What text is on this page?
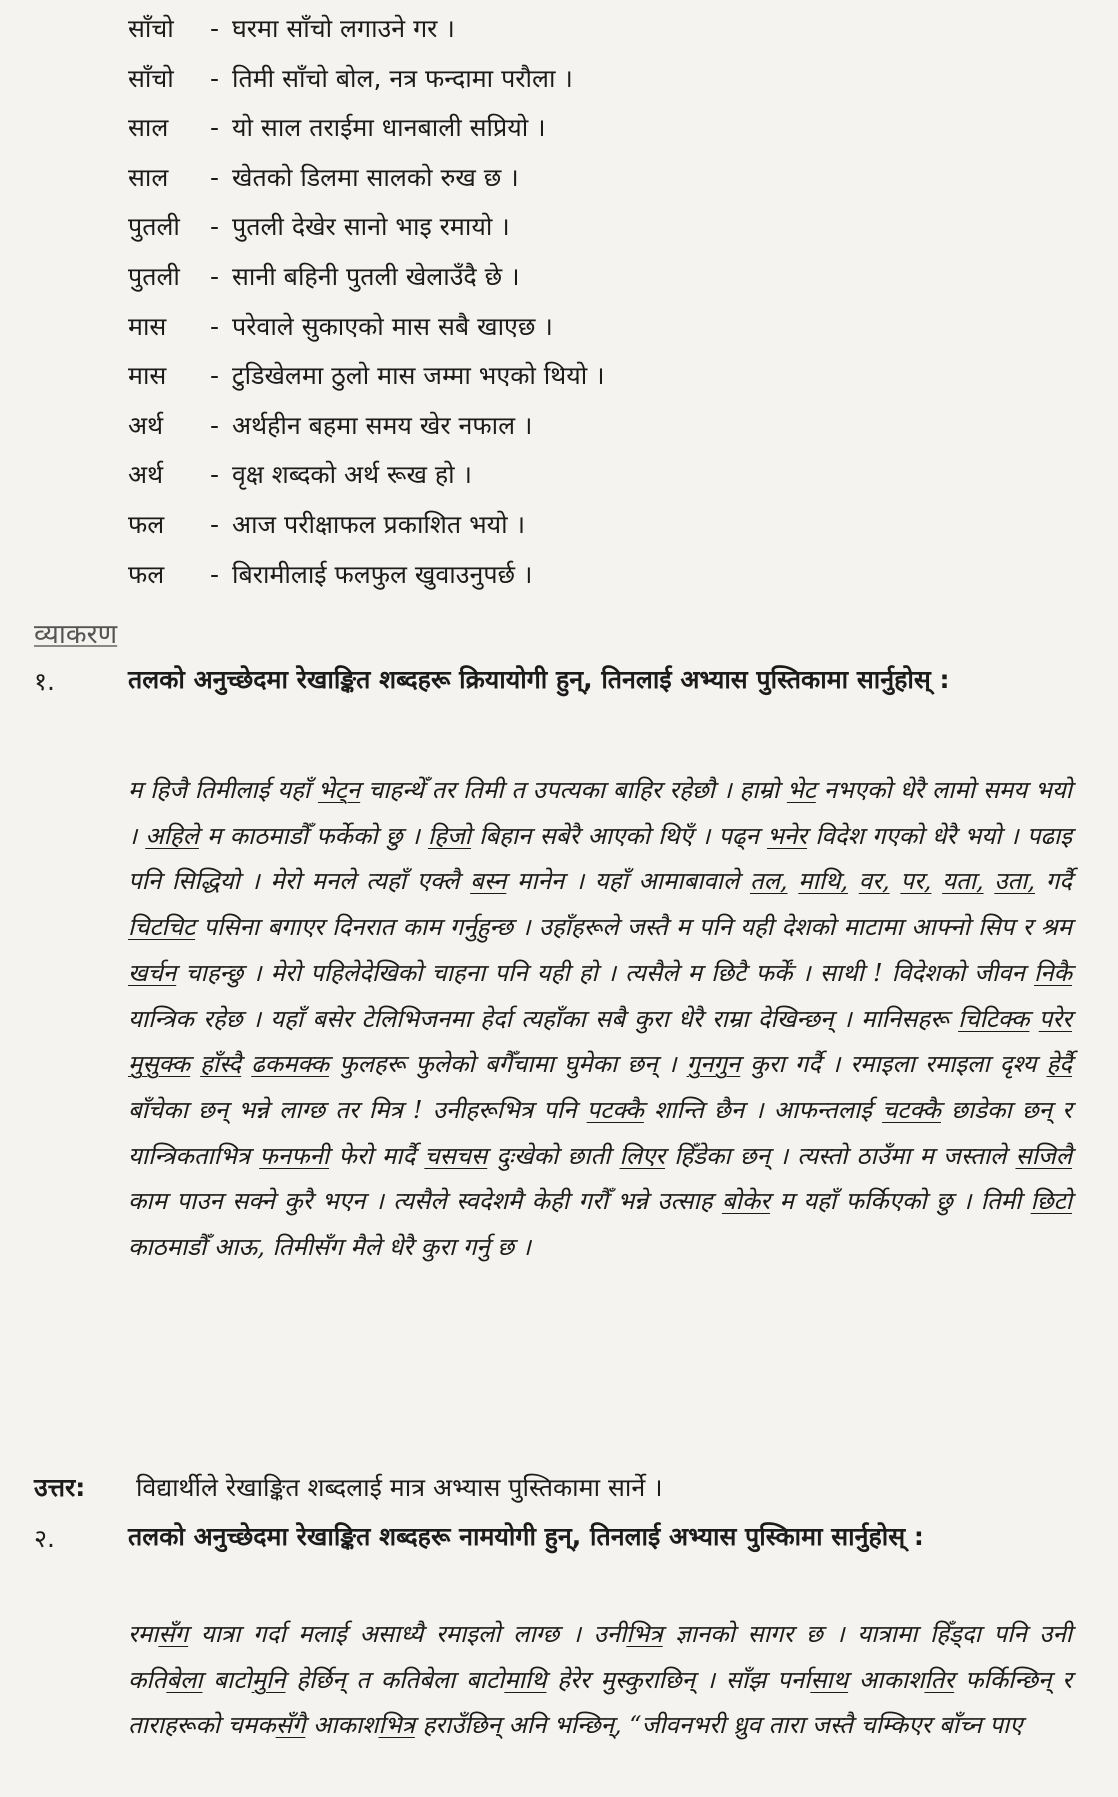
साँचो - घरमा साँचो लगाउने गर ।
साँचो - तिमी साँचो बोल, नत्र फन्दामा परौला ।
साल - यो साल तराईमा धानबाली सप्रियो ।
साल - खेतको डिलमा सालको रुख छ ।
पुतली - पुतली देखेर सानो भाइ रमायो ।
पुतली - सानी बहिनी पुतली खेलाउँदै छे ।
मास - परेवाले सुकाएको मास सबै खाएछ ।
मास - टुडिखेलमा ठुलो मास जम्मा भएको थियो ।
अर्थ - अर्थहीन बहमा समय खेर नफाल ।
अर्थ - वृक्ष शब्दको अर्थ रूख हो ।
फल - आज परीक्षाफल प्रकाशित भयो ।
फल - बिरामीलाई फलफुल खुवाउनुपर्छ ।
व्याकरण
१.	तलको अनुच्छेदमा रेखाङ्कित शब्दहरू क्रियायोगी हुन्, तिनलाई अभ्यास पुस्तिकामा सार्नुहोस् :
म हिजै तिमीलाई यहाँ भेट्न चाहन्थेँ तर तिमी त उपत्यका बाहिर रहेछौ । हाम्रो भेट नभएको धेरै लामो समय भयो । अहिले म काठमाडौँ फर्केको छु । हिजो बिहान सबेरै आएको थिएँ । पढ्न भनेर विदेश गएको धेरै भयो । पढाइ पनि सिद्धियो । मेरो मनले त्यहाँ एक्लै बस्न मानेन । यहाँ आमाबावाले तल, माथि, वर, पर, यता, उता, गर्दै चिटचिट पसिना बगाएर दिनरात काम गर्नुहुन्छ । उहाँहरूले जस्तै म पनि यही देशको माटामा आफ्नो सिप र श्रम खर्चन चाहन्छु । मेरो पहिलेदेखिको चाहना पनि यही हो । त्यसैले म छिटै फर्कें । साथी ! विदेशको जीवन निकै यान्त्रिक रहेछ । यहाँ बसेर टेलिभिजनमा हेर्दा त्यहाँका सबै कुरा धेरै राम्रा देखिन्छन् । मानिसहरू चिटिक्क परेर मुसुक्क हाँस्दै ढकमक्क फुलहरू फुलेको बगैँचामा घुमेका छन् । गुनगुन कुरा गर्दै । रमाइला रमाइला दृश्य हेर्दै बाँचेका छन् भन्ने लाग्छ तर मित्र ! उनीहरूभित्र पनि पटक्कै शान्ति छैन । आफन्तलाई चटक्कै छाडेका छन् र यान्त्रिकताभित्र फनफनी फेरो मार्दै चसचस दुःखेको छाती लिएर हिँडेका छन् । त्यस्तो ठाउँमा म जस्ताले सजिलै काम पाउन सक्ने कुरै भएन । त्यसैले स्वदेशमै केही गरौँ भन्ने उत्साह बोकेर म यहाँ फर्किएको छु । तिमी छिटो काठमाडौँ आऊ, तिमीसँग मैले धेरै कुरा गर्नु छ ।
उत्तर: विद्यार्थीले रेखाङ्कित शब्दलाई मात्र अभ्यास पुस्तिकामा सार्ने ।
२.	तलको अनुच्छेदमा रेखाङ्कित शब्दहरू नामयोगी हुन्, तिनलाई अभ्यास पुस्किामा सार्नुहोस् :
रमासँग यात्रा गर्दा मलाई असाध्यै रमाइलो लाग्छ । उनीभित्र ज्ञानको सागर छ । यात्रामा हिँड्दा पनि उनी कतिबेला बाटोमुनि हेर्छिन् त कतिबेला बाटोमाथि हेरेर मुस्कुराछिन् । साँझ पर्नासाथ आकाशतिर फर्किन्छिन् र ताराहरूको चमकसँगै आकाशभित्र हराउँछिन् अनि भन्छिन्, “जीवनभरी ध्रुव तारा जस्तै चम्किएर बाँच्न पाए
